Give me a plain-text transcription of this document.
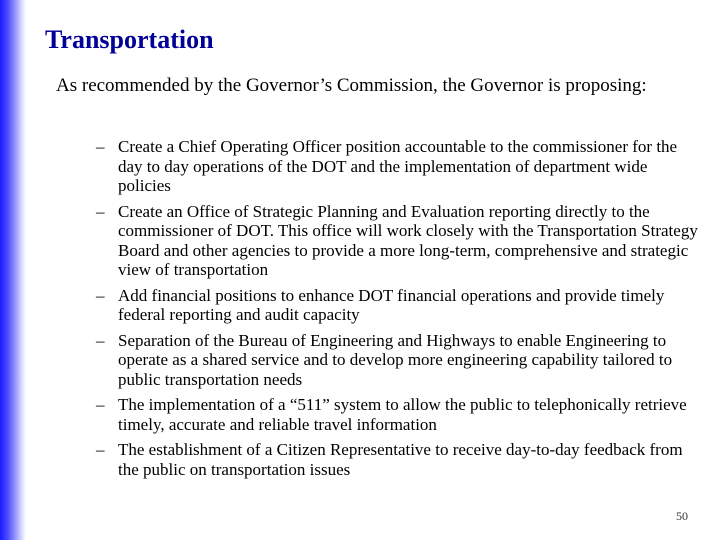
Transportation

As recommended by the Governor’s Commission, the Governor is proposing:

– Create a Chief Operating Officer position accountable to the commissioner for the day to day operations of the DOT and the implementation of department wide policies
– Create an Office of Strategic Planning and Evaluation reporting directly to the commissioner of DOT. This office will work closely with the Transportation Strategy Board and other agencies to provide a more long-term, comprehensive and strategic view of transportation
– Add financial positions to enhance DOT financial operations and provide timely federal reporting and audit capacity
– Separation of the Bureau of Engineering and Highways to enable Engineering to operate as a shared service and to develop more engineering capability tailored to public transportation needs
– The implementation of a “511” system to allow the public to telephonically retrieve timely, accurate and reliable travel information
– The establishment of a Citizen Representative to receive day-to-day feedback from the public on transportation issues
50
